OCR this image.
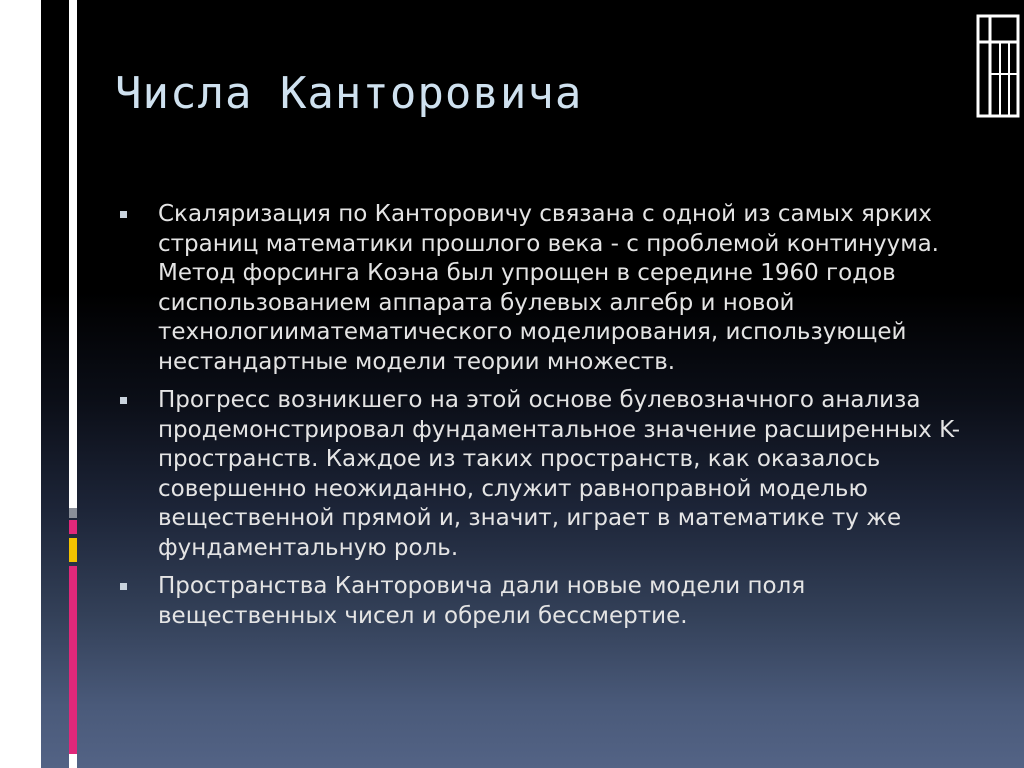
Числа Канторовича
Скаляризация по Канторовичу связана с одной из самых ярких страниц математики прошлого века - с проблемой континуума. Метод форсинга Коэна был упрощен в середине 1960 годов сиспользованием аппарата булевых алгебр и новой технологииматематического моделирования, использующей нестандартные модели теории множеств.
Прогресс возникшего на этой основе булевозначного анализа продемонстрировал фундаментальное значение расширенных K-пространств. Каждое из таких пространств, как оказалось совершенно неожиданно, служит равноправной моделью вещественной прямой и, значит, играет в математике ту же фундаментальную роль.
Пространства Канторовича дали новые модели поля вещественных чисел и обрели бессмертие.
